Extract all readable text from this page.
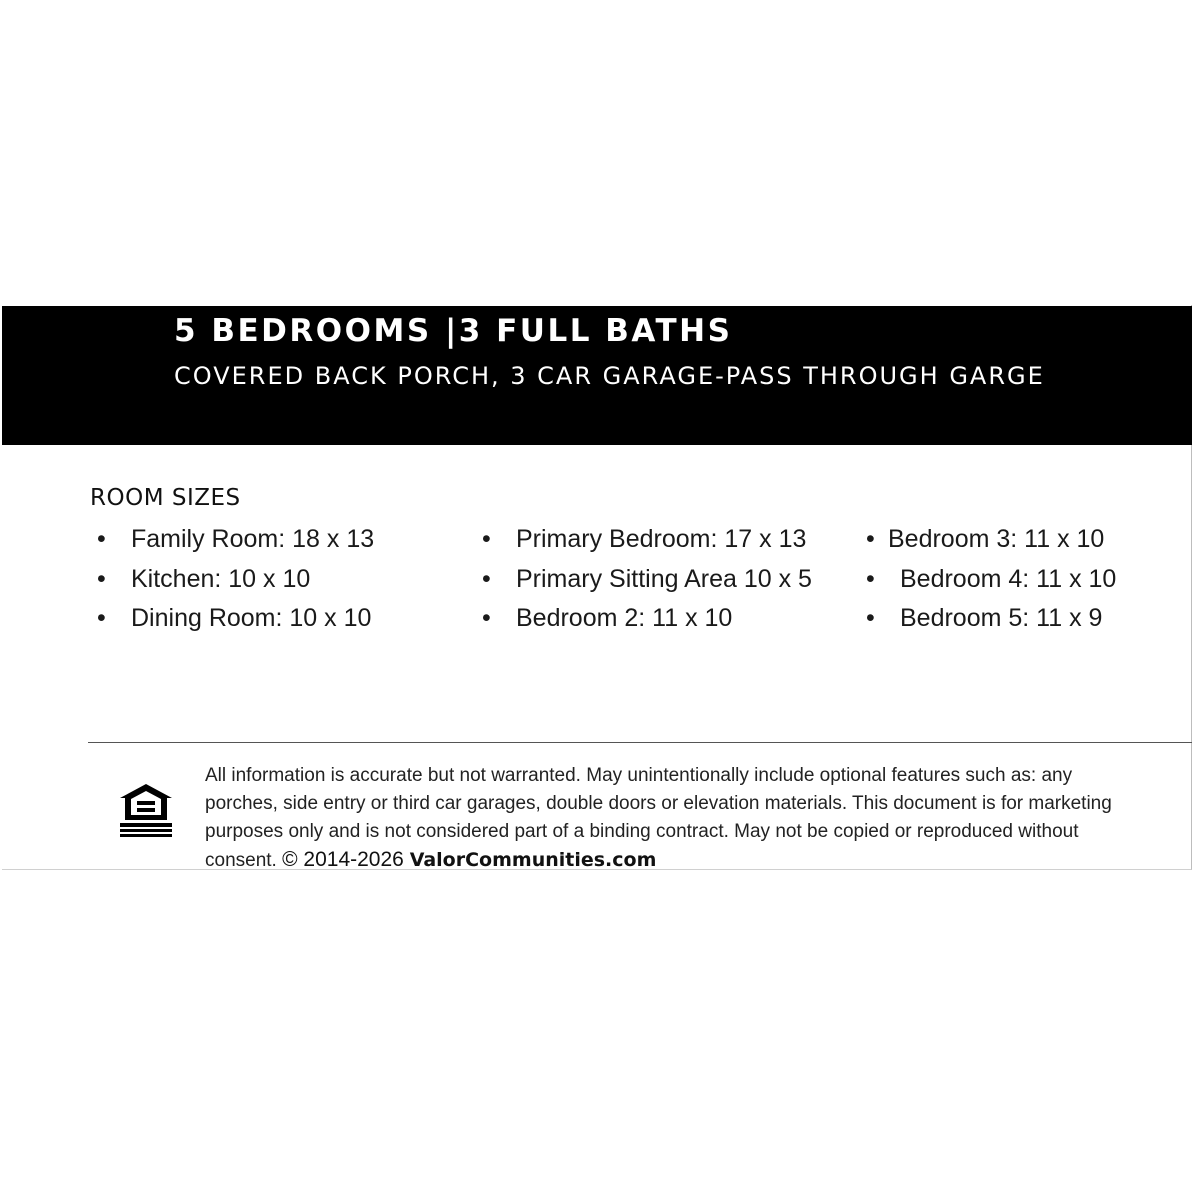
5 BEDROOMS |3 FULL BATHS

COVERED BACK PORCH, 3 CAR GARAGE-PASS THROUGH GARGE

ROOM SIZES
• Family Room: 18 x 13
• Kitchen: 10 x 10
• Dining Room: 10 x 10
• Primary Bedroom: 17 x 13
• Primary Sitting Area 10 x 5
• Bedroom 2: 11 x 10
• Bedroom 3: 11 x 10
• Bedroom 4: 11 x 10
• Bedroom 5: 11 x 9

All information is accurate but not warranted. May unintentionally include optional features such as: any porches, side entry or third car garages, double doors or elevation materials. This document is for marketing purposes only and is not considered part of a binding contract. May not be copied or reproduced without consent. © 2014-2026 ValorCommunities.com
